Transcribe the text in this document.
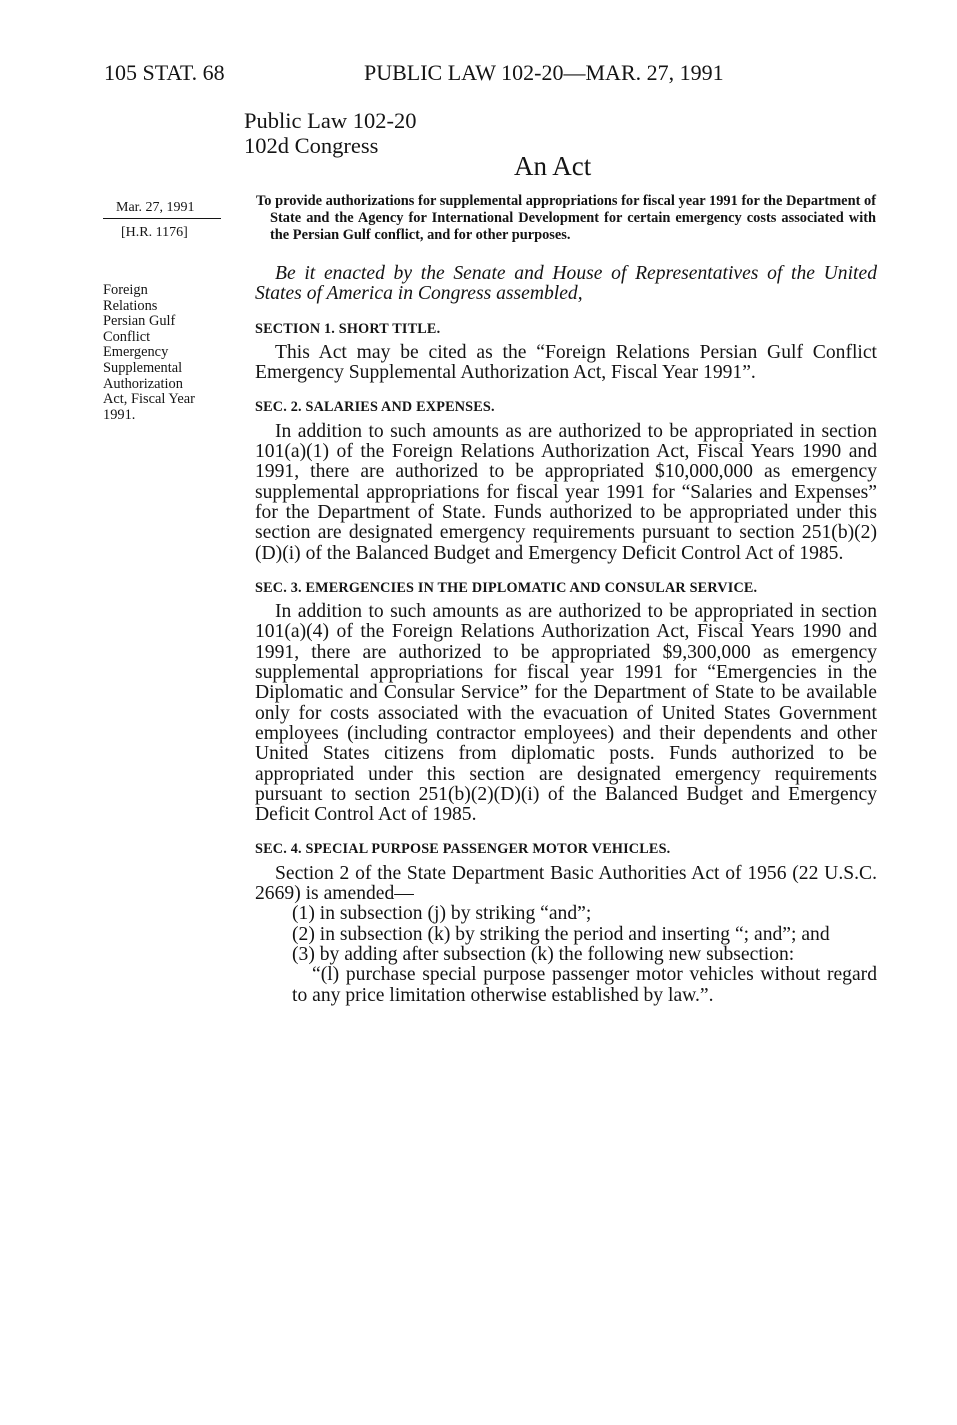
105 STAT. 68	PUBLIC LAW 102-20—MAR. 27, 1991
Public Law 102-20
102d Congress
An Act
Mar. 27, 1991
[H.R. 1176]
Foreign
Relations
Persian Gulf
Conflict
Emergency
Supplemental
Authorization
Act, Fiscal Year
1991.
To provide authorizations for supplemental appropriations for fiscal year 1991 for the Department of State and the Agency for International Development for certain emergency costs associated with the Persian Gulf conflict, and for other purposes.

Be it enacted by the Senate and House of Representatives of the United States of America in Congress assembled,

SECTION 1. SHORT TITLE.

This Act may be cited as the “Foreign Relations Persian Gulf Conflict Emergency Supplemental Authorization Act, Fiscal Year 1991”.

SEC. 2. SALARIES AND EXPENSES.

In addition to such amounts as are authorized to be appropriated in section 101(a)(1) of the Foreign Relations Authorization Act, Fiscal Years 1990 and 1991, there are authorized to be appropriated $10,000,000 as emergency supplemental appropriations for fiscal year 1991 for “Salaries and Expenses” for the Department of State. Funds authorized to be appropriated under this section are designated emergency requirements pursuant to section 251(b)(2)(D)(i) of the Balanced Budget and Emergency Deficit Control Act of 1985.

SEC. 3. EMERGENCIES IN THE DIPLOMATIC AND CONSULAR SERVICE.

In addition to such amounts as are authorized to be appropriated in section 101(a)(4) of the Foreign Relations Authorization Act, Fiscal Years 1990 and 1991, there are authorized to be appropriated $9,300,000 as emergency supplemental appropriations for fiscal year 1991 for “Emergencies in the Diplomatic and Consular Service” for the Department of State to be available only for costs associated with the evacuation of United States Government employees (including contractor employees) and their dependents and other United States citizens from diplomatic posts. Funds authorized to be appropriated under this section are designated emergency requirements pursuant to section 251(b)(2)(D)(i) of the Balanced Budget and Emergency Deficit Control Act of 1985.

SEC. 4. SPECIAL PURPOSE PASSENGER MOTOR VEHICLES.

Section 2 of the State Department Basic Authorities Act of 1956 (22 U.S.C. 2669) is amended—

(1) in subsection (j) by striking “and”;

(2) in subsection (k) by striking the period and inserting “; and”; and

(3) by adding after subsection (k) the following new subsection:

“(l) purchase special purpose passenger motor vehicles without regard to any price limitation otherwise established by law.”.
